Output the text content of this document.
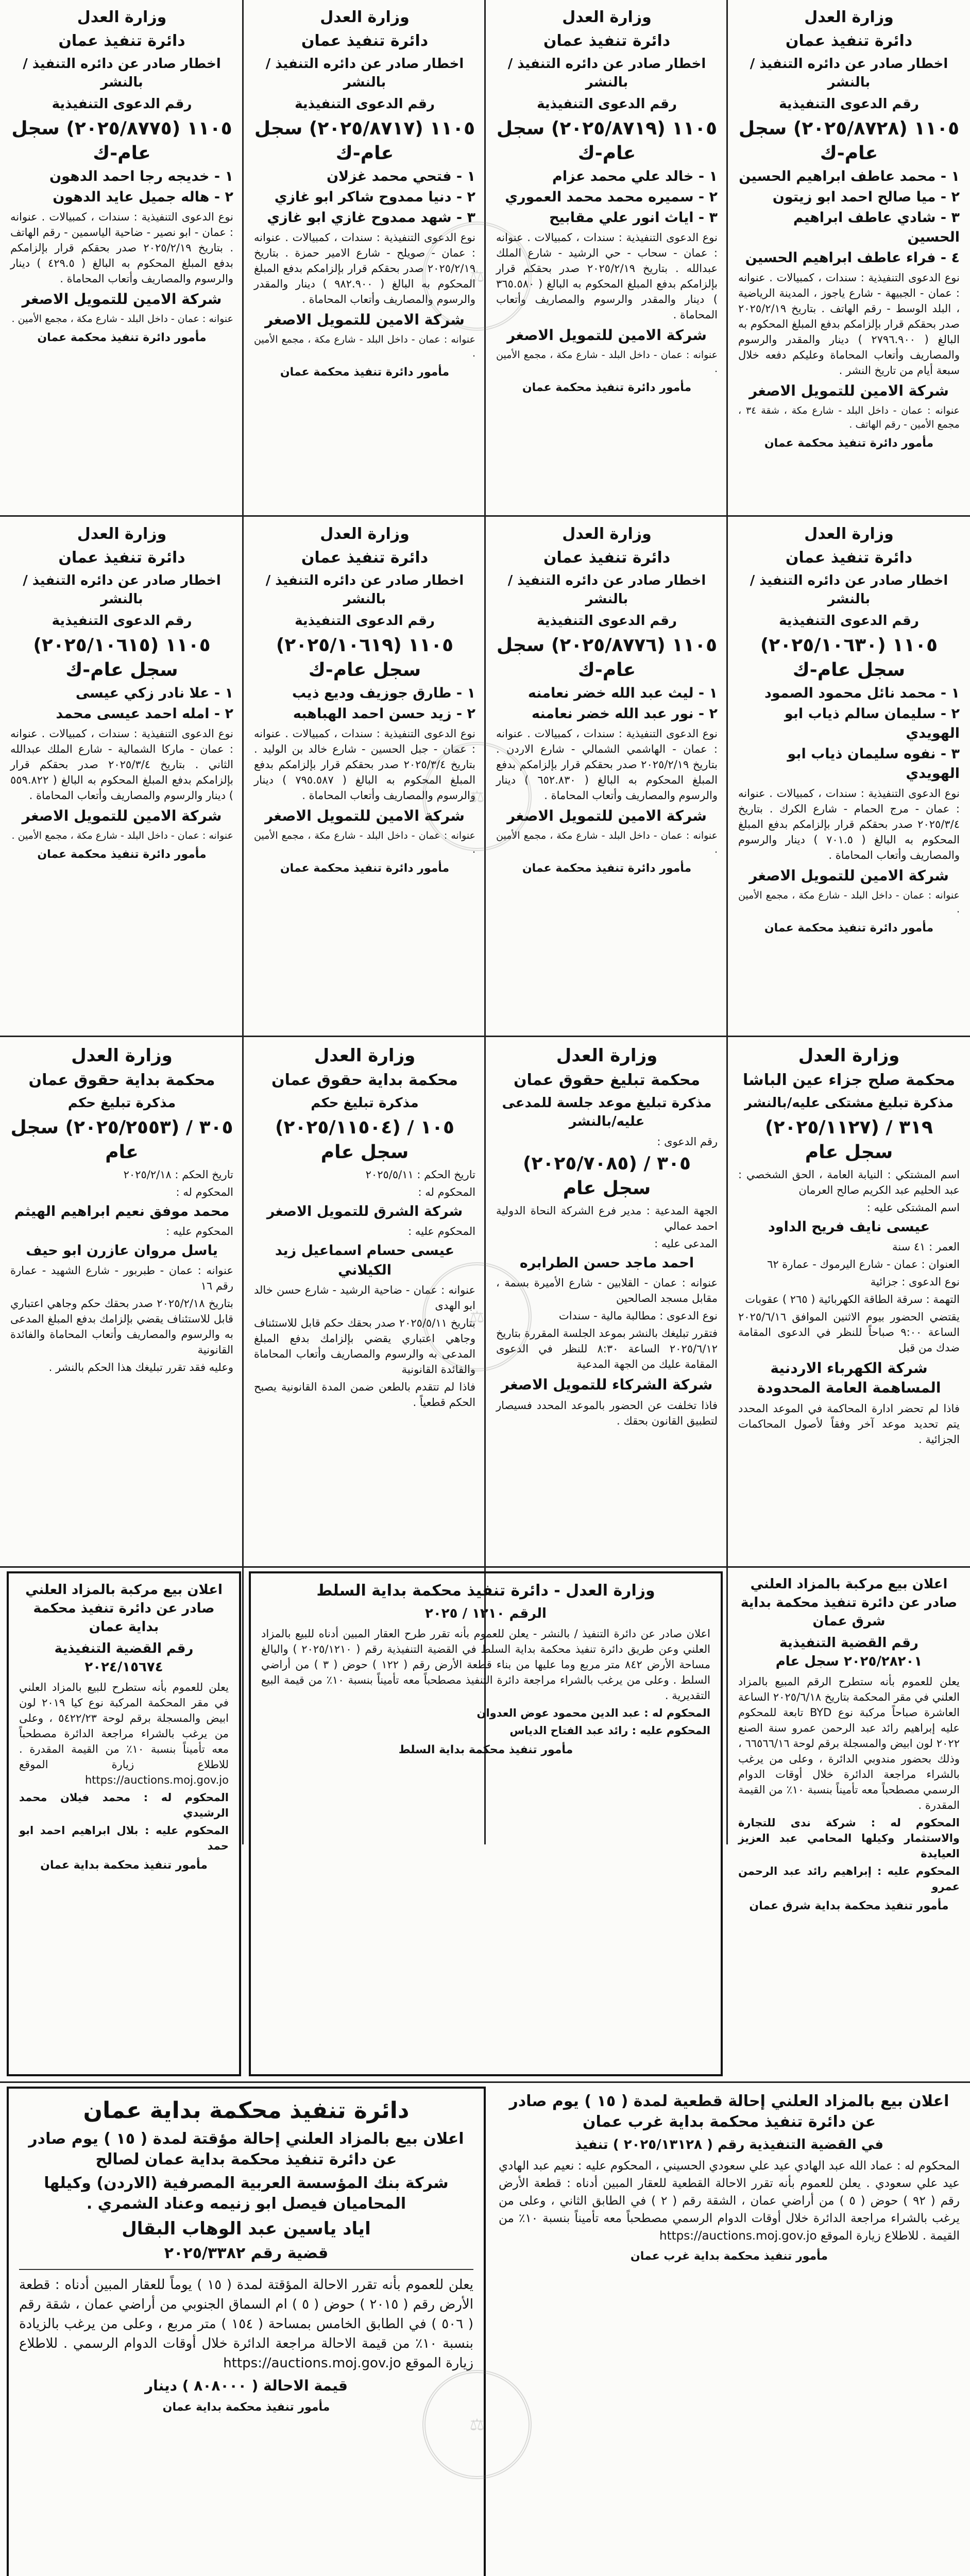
وزارة العدل
دائرة تنفيذ عمان
اخطار صادر عن دائره التنفيذ / بالنشر
رقم الدعوى التنفيذية
١١٠٥ (٢٠٢٥/٨٧٢٨) سجل عام-ك
١ - محمد عاطف ابراهيم الحسين
٢ - ميا صالح احمد ابو زيتون
٣ - شادي عاطف ابراهيم الحسين
٤ - فراء عاطف ابراهيم الحسين
نوع الدعوى التنفيذية : سندات ، كمبيالات . عنوانه : عمان - الجبيهة - شارع ياجوز ، المدينة الرياضية ، البلد الوسط - رقم الهاتف . بتاريخ ٢٠٢٥/٢/١٩ صدر بحقكم قرار بإلزامكم بدفع المبلغ المحكوم به البالغ ( ٢٧٩٦.٩٠٠ ) دينار والمقدر والرسوم والمصاريف وأتعاب المحاماة وعليكم دفعه خلال سبعة أيام من تاريخ النشر .
شركة الامين للتمويل الاصغر
عنوانه : عمان - داخل البلد - شارع مكة ، شقة ٣٤ ، مجمع الأمين - رقم الهاتف .
مأمور دائرة تنفيذ محكمة عمان
وزارة العدل
دائرة تنفيذ عمان
اخطار صادر عن دائره التنفيذ / بالنشر
رقم الدعوى التنفيذية
١١٠٥ (٢٠٢٥/٨٧١٩) سجل عام-ك
١ - خالد علي محمد عزام
٢ - سميره محمد محمد العموري
٣ - اياث انور علي مقابيح
نوع الدعوى التنفيذية : سندات ، كمبيالات . عنوانه : عمان - سحاب - حي الرشيد - شارع الملك عبدالله . بتاريخ ٢٠٢٥/٢/١٩ صدر بحقكم قرار بإلزامكم بدفع المبلغ المحكوم به البالغ ( ٣٦٥.٥٨٠ ) دينار والمقدر والرسوم والمصاريف وأتعاب المحاماة .
شركة الامين للتمويل الاصغر
عنوانه : عمان - داخل البلد - شارع مكة ، مجمع الأمين .
مأمور دائرة تنفيذ محكمة عمان
وزارة العدل
دائرة تنفيذ عمان
اخطار صادر عن دائره التنفيذ / بالنشر
رقم الدعوى التنفيذية
١١٠٥ (٢٠٢٥/٨٧١٧) سجل عام-ك
١ - فتحي محمد غزلان
٢ - دنيا ممدوح شاكر ابو غازي
٣ - شهد ممدوح غازي ابو غازي
نوع الدعوى التنفيذية : سندات ، كمبيالات . عنوانه : عمان - صويلح - شارع الامير حمزة . بتاريخ ٢٠٢٥/٢/١٩ صدر بحقكم قرار بإلزامكم بدفع المبلغ المحكوم به البالغ ( ٩٨٢.٩٠٠ ) دينار والمقدر والرسوم والمصاريف وأتعاب المحاماة .
شركة الامين للتمويل الاصغر
عنوانه : عمان - داخل البلد - شارع مكة ، مجمع الأمين .
مأمور دائرة تنفيذ محكمة عمان
وزارة العدل
دائرة تنفيذ عمان
اخطار صادر عن دائره التنفيذ / بالنشر
رقم الدعوى التنفيذية
١١٠٥ (٢٠٢٥/٨٧٧٥) سجل عام-ك
١ - خديجه رجا احمد الدهون
٢ - هاله جميل عايد الدهون
نوع الدعوى التنفيذية : سندات ، كمبيالات . عنوانه : عمان - ابو نصير - ضاحية الياسمين - رقم الهاتف . بتاريخ ٢٠٢٥/٢/١٩ صدر بحقكم قرار بإلزامكم بدفع المبلغ المحكوم به البالغ ( ٤٢٩.٥ ) دينار والرسوم والمصاريف وأتعاب المحاماة .
شركة الامين للتمويل الاصغر
عنوانه : عمان - داخل البلد - شارع مكة ، مجمع الأمين .
مأمور دائرة تنفيذ محكمة عمان
وزارة العدل
دائرة تنفيذ عمان
اخطار صادر عن دائره التنفيذ / بالنشر
رقم الدعوى التنفيذية
١١٠٥ (٢٠٢٥/١٠٦٣٠) سجل عام-ك
١ - محمد نائل محمود الصمود
٢ - سليمان سالم ذياب ابو الهويدي
٣ - نفوه سليمان ذياب ابو الهويدي
نوع الدعوى التنفيذية : سندات ، كمبيالات . عنوانه : عمان - مرج الحمام - شارع الكرك . بتاريخ ٢٠٢٥/٣/٤ صدر بحقكم قرار بإلزامكم بدفع المبلغ المحكوم به البالغ ( ٧٠١.٥ ) دينار والرسوم والمصاريف وأتعاب المحاماة .
شركة الامين للتمويل الاصغر
عنوانه : عمان - داخل البلد - شارع مكة ، مجمع الأمين .
مأمور دائرة تنفيذ محكمة عمان
وزارة العدل
دائرة تنفيذ عمان
اخطار صادر عن دائره التنفيذ / بالنشر
رقم الدعوى التنفيذية
١١٠٥ (٢٠٢٥/٨٧٧٦) سجل عام-ك
١ - ليث عبد الله خضر نعامنه
٢ - نور عبد الله خضر نعامنه
نوع الدعوى التنفيذية : سندات ، كمبيالات . عنوانه : عمان - الهاشمي الشمالي - شارع الاردن . بتاريخ ٢٠٢٥/٢/١٩ صدر بحقكم قرار بإلزامكم بدفع المبلغ المحكوم به البالغ ( ٦٥٢.٨٣٠ ) دينار والرسوم والمصاريف وأتعاب المحاماة .
شركة الامين للتمويل الاصغر
عنوانه : عمان - داخل البلد - شارع مكة ، مجمع الأمين .
مأمور دائرة تنفيذ محكمة عمان
وزارة العدل
دائرة تنفيذ عمان
اخطار صادر عن دائره التنفيذ / بالنشر
رقم الدعوى التنفيذية
١١٠٥ (٢٠٢٥/١٠٦١٩) سجل عام-ك
١ - طارق جوزيف وديع ذيب
٢ - زيد حسن احمد الهباهبه
نوع الدعوى التنفيذية : سندات ، كمبيالات . عنوانه : عمان - جبل الحسين - شارع خالد بن الوليد . بتاريخ ٢٠٢٥/٣/٤ صدر بحقكم قرار بإلزامكم بدفع المبلغ المحكوم به البالغ ( ٧٩٥.٥٨٧ ) دينار والرسوم والمصاريف وأتعاب المحاماة .
شركة الامين للتمويل الاصغر
عنوانه : عمان - داخل البلد - شارع مكة ، مجمع الأمين .
مأمور دائرة تنفيذ محكمة عمان
وزارة العدل
دائرة تنفيذ عمان
اخطار صادر عن دائره التنفيذ / بالنشر
رقم الدعوى التنفيذية
١١٠٥ (٢٠٢٥/١٠٦١٥) سجل عام-ك
١ - علا نادر زكي عيسى
٢ - امله احمد عيسى محمد
نوع الدعوى التنفيذية : سندات ، كمبيالات . عنوانه : عمان - ماركا الشمالية - شارع الملك عبدالله الثاني . بتاريخ ٢٠٢٥/٣/٤ صدر بحقكم قرار بإلزامكم بدفع المبلغ المحكوم به البالغ ( ٥٥٩.٨٢٢ ) دينار والرسوم والمصاريف وأتعاب المحاماة .
شركة الامين للتمويل الاصغر
عنوانه : عمان - داخل البلد - شارع مكة ، مجمع الأمين .
مأمور دائرة تنفيذ محكمة عمان
وزارة العدل
محكمة صلح جزاء عين الباشا
مذكرة تبليغ مشتكى عليه/بالنشر
٣١٩ / (٢٠٢٥/١١٢٧) سجل عام
اسم المشتكي : النيابة العامة ، الحق الشخصي : عبد الحليم عبد الكريم صالح العرمان
اسم المشتكى عليه :
عيسى نايف فريح الداود
العمر : ٤١ سنة
العنوان : عمان - شارع اليرموك - عمارة ٦٢
نوع الدعوى : جزائية
التهمة : سرقة الطاقة الكهربائية ( ٢٦٥ ) عقوبات
يقتضي الحضور بيوم الاثنين الموافق ٢٠٢٥/٦/١٦ الساعة ٩:٠٠ صباحاً للنظر في الدعوى المقامة ضدك من قبل
شركة الكهرباء الاردنية المساهمة العامة المحدودة
فاذا لم تحضر ادارة المحاكمة في الموعد المحدد يتم تحديد موعد آخر وفقاً لأصول المحاكمات الجزائية .
وزارة العدل
محكمة تبليغ حقوق عمان
مذكرة تبليغ موعد جلسة للمدعى عليه/بالنشر
رقم الدعوى :
٣٠٥ / (٢٠٢٥/٧٠٨٥) سجل عام
الجهة المدعية : مدير فرع الشركة النحاة الدولية احمد عمالي
المدعى عليه :
احمد ماجد حسن الطرابره
عنوانه : عمان - القلابين - شارع الأميرة بسمة ، مقابل مسجد الصالحين
نوع الدعوى : مطالبة مالية - سندات
فتقرر تبليغك بالنشر بموعد الجلسة المقررة بتاريخ ٢٠٢٥/٦/١٢ الساعة ٨:٣٠ للنظر في الدعوى المقامة عليك من الجهة المدعية
شركة الشركاء للتمويل الاصغر
فاذا تخلفت عن الحضور بالموعد المحدد فسيصار لتطبيق القانون بحقك .
وزارة العدل
محكمة بداية حقوق عمان
مذكرة تبليغ حكم
١٠٥ / (٢٠٢٥/١١٥٠٤) سجل عام
تاريخ الحكم : ٢٠٢٥/٥/١١
المحكوم له :
شركة الشرق للتمويل الاصغر
المحكوم عليه :
عيسى حسام اسماعيل زيد الكيلاني
عنوانه : عمان - ضاحية الرشيد - شارع حسن خالد ابو الهدى
بتاريخ ٢٠٢٥/٥/١١ صدر بحقك حكم قابل للاستئناف وجاهي اعتباري يقضي بإلزامك بدفع المبلغ المدعى به والرسوم والمصاريف وأتعاب المحاماة والفائدة القانونية
فاذا لم تتقدم بالطعن ضمن المدة القانونية يصبح الحكم قطعياً .
وزارة العدل
محكمة بداية حقوق عمان
مذكرة تبليغ حكم
٣٠٥ / (٢٠٢٥/٢٥٥٣) سجل عام
تاريخ الحكم : ٢٠٢٥/٢/١٨
المحكوم له :
محمد موفق نعيم ابراهيم الهيثم
المحكوم عليه :
ياسل مروان عازرن ابو حيف
عنوانه : عمان - طبربور - شارع الشهيد - عمارة رقم ١٦
بتاريخ ٢٠٢٥/٢/١٨ صدر بحقك حكم وجاهي اعتباري قابل للاستئناف يقضي بإلزامك بدفع المبلغ المدعى به والرسوم والمصاريف وأتعاب المحاماة والفائدة القانونية
وعليه فقد تقرر تبليغك هذا الحكم بالنشر .
اعلان بيع مركبة بالمزاد العلني صادر عن دائرة تنفيذ محكمة بداية شرق عمان
رقم القضية التنفيذية ٢٠٢٥/٢٨٢٠١ سجل عام
يعلن للعموم بأنه ستطرح الرقم المبيع بالمزاد العلني في مقر المحكمة بتاريخ ٢٠٢٥/٦/١٨ الساعة العاشرة صباحاً مركبة نوع BYD تابعة للمحكوم عليه إبراهيم رائد عبد الرحمن عمرو سنة الصنع ٢٠٢٢ لون ابيض والمسجلة برقم لوحة ٦٦٥٦٦/١٦ ، وذلك بحضور مندوبي الدائرة ، وعلى من يرغب بالشراء مراجعة الدائرة خلال أوقات الدوام الرسمي مصطحباً معه تأميناً بنسبة ١٠٪ من القيمة المقدرة .
المحكوم له : شركة ندى للتجارة والاستثمار وكيلها المحامي عبد العزيز العيايدة
المحكوم عليه : إبراهيم رائد عبد الرحمن عمرو
مأمور تنفيذ محكمة بداية شرق عمان
وزارة العدل - دائرة تنفيذ محكمة بداية السلط
الرقم ١٢١٠ / ٢٠٢٥
اعلان صادر عن دائرة التنفيذ / بالنشر - يعلن للعموم بأنه تقرر طرح العقار المبين أدناه للبيع بالمزاد العلني وعن طريق دائرة تنفيذ محكمة بداية السلط في القضية التنفيذية رقم ( ٢٠٢٥/١٢١٠ ) والبالغ مساحة الأرض ٨٤٢ متر مربع وما عليها من بناء قطعة الأرض رقم ( ١٢٢ ) حوض ( ٣ ) من أراضي السلط . وعلى من يرغب بالشراء مراجعة دائرة التنفيذ مصطحباً معه تأميناً بنسبة ١٠٪ من قيمة البيع التقديرية .
المحكوم له : عبد الدين محمود عوض العدوان
المحكوم عليه : رائد عبد الفتاح الدياس
مأمور تنفيذ محكمة بداية السلط
اعلان بيع مركبة بالمزاد العلني صادر عن دائرة تنفيذ محكمة بداية عمان
رقم القضية التنفيذية ٢٠٢٤/١٥٦٧٤
يعلن للعموم بأنه ستطرح للبيع بالمزاد العلني في مقر المحكمة المركبة نوع كيا ٢٠١٩ لون ابيض والمسجلة برقم لوحة ٥٤٢٢/٢٣ ، وعلى من يرغب بالشراء مراجعة الدائرة مصطحباً معه تأميناً بنسبة ١٠٪ من القيمة المقدرة . للاطلاع زيارة الموقع https://auctions.moj.gov.jo
المحكوم له : محمد فيلان محمد الرشيدي
المحكوم عليه : بلال ابراهيم احمد ابو حمد
مأمور تنفيذ محكمة بداية عمان
دائرة تنفيذ محكمة بداية عمان
اعلان بيع بالمزاد العلني إحالة مؤقتة لمدة ( ١٥ ) يوم صادر عن دائرة تنفيذ محكمة بداية عمان لصالح
شركة بنك المؤسسة العربية المصرفية (الاردن) وكيلها المحاميان فيصل ابو زنيمه وعناد الشمري .
اياد ياسين عبد الوهاب البقال
قضية رقم ٢٠٢٥/٣٣٨٢
يعلن للعموم بأنه تقرر الاحالة المؤقتة لمدة ( ١٥ ) يوماً للعقار المبين أدناه : قطعة الأرض رقم ( ٢٠١٥ ) حوض ( ٥ ) ام السماق الجنوبي من أراضي عمان ، شقة رقم ( ٥٠٦ ) في الطابق الخامس بمساحة ( ١٥٤ ) متر مربع ، وعلى من يرغب بالزيادة بنسبة ١٠٪ من قيمة الاحالة مراجعة الدائرة خلال أوقات الدوام الرسمي . للاطلاع زيارة الموقع https://auctions.moj.gov.jo
قيمة الاحالة ( ٨٠٨٠٠٠ ) دينار
مأمور تنفيذ محكمة بداية عمان
اعلان بيع بالمزاد العلني إحالة قطعية لمدة ( ١٥ ) يوم صادر عن دائرة تنفيذ محكمة بداية غرب عمان
في القضية التنفيذية رقم ( ٢٠٢٥/١٣١٢٨ ) تنفيذ
المحكوم له : عماد الله عبد الهادي عيد علي سعودي الحسيني ، المحكوم عليه : نعيم عبد الهادي عيد علي سعودي . يعلن للعموم بأنه تقرر الاحالة القطعية للعقار المبين أدناه : قطعة الأرض رقم ( ٩٢ ) حوض ( ٥ ) من أراضي عمان ، الشقة رقم ( ٢ ) في الطابق الثاني ، وعلى من يرغب بالشراء مراجعة الدائرة خلال أوقات الدوام الرسمي مصطحباً معه تأميناً بنسبة ١٠٪ من القيمة . للاطلاع زيارة الموقع https://auctions.moj.gov.jo
مأمور تنفيذ محكمة بداية غرب عمان
⚖
⚖
⚖
⚖
